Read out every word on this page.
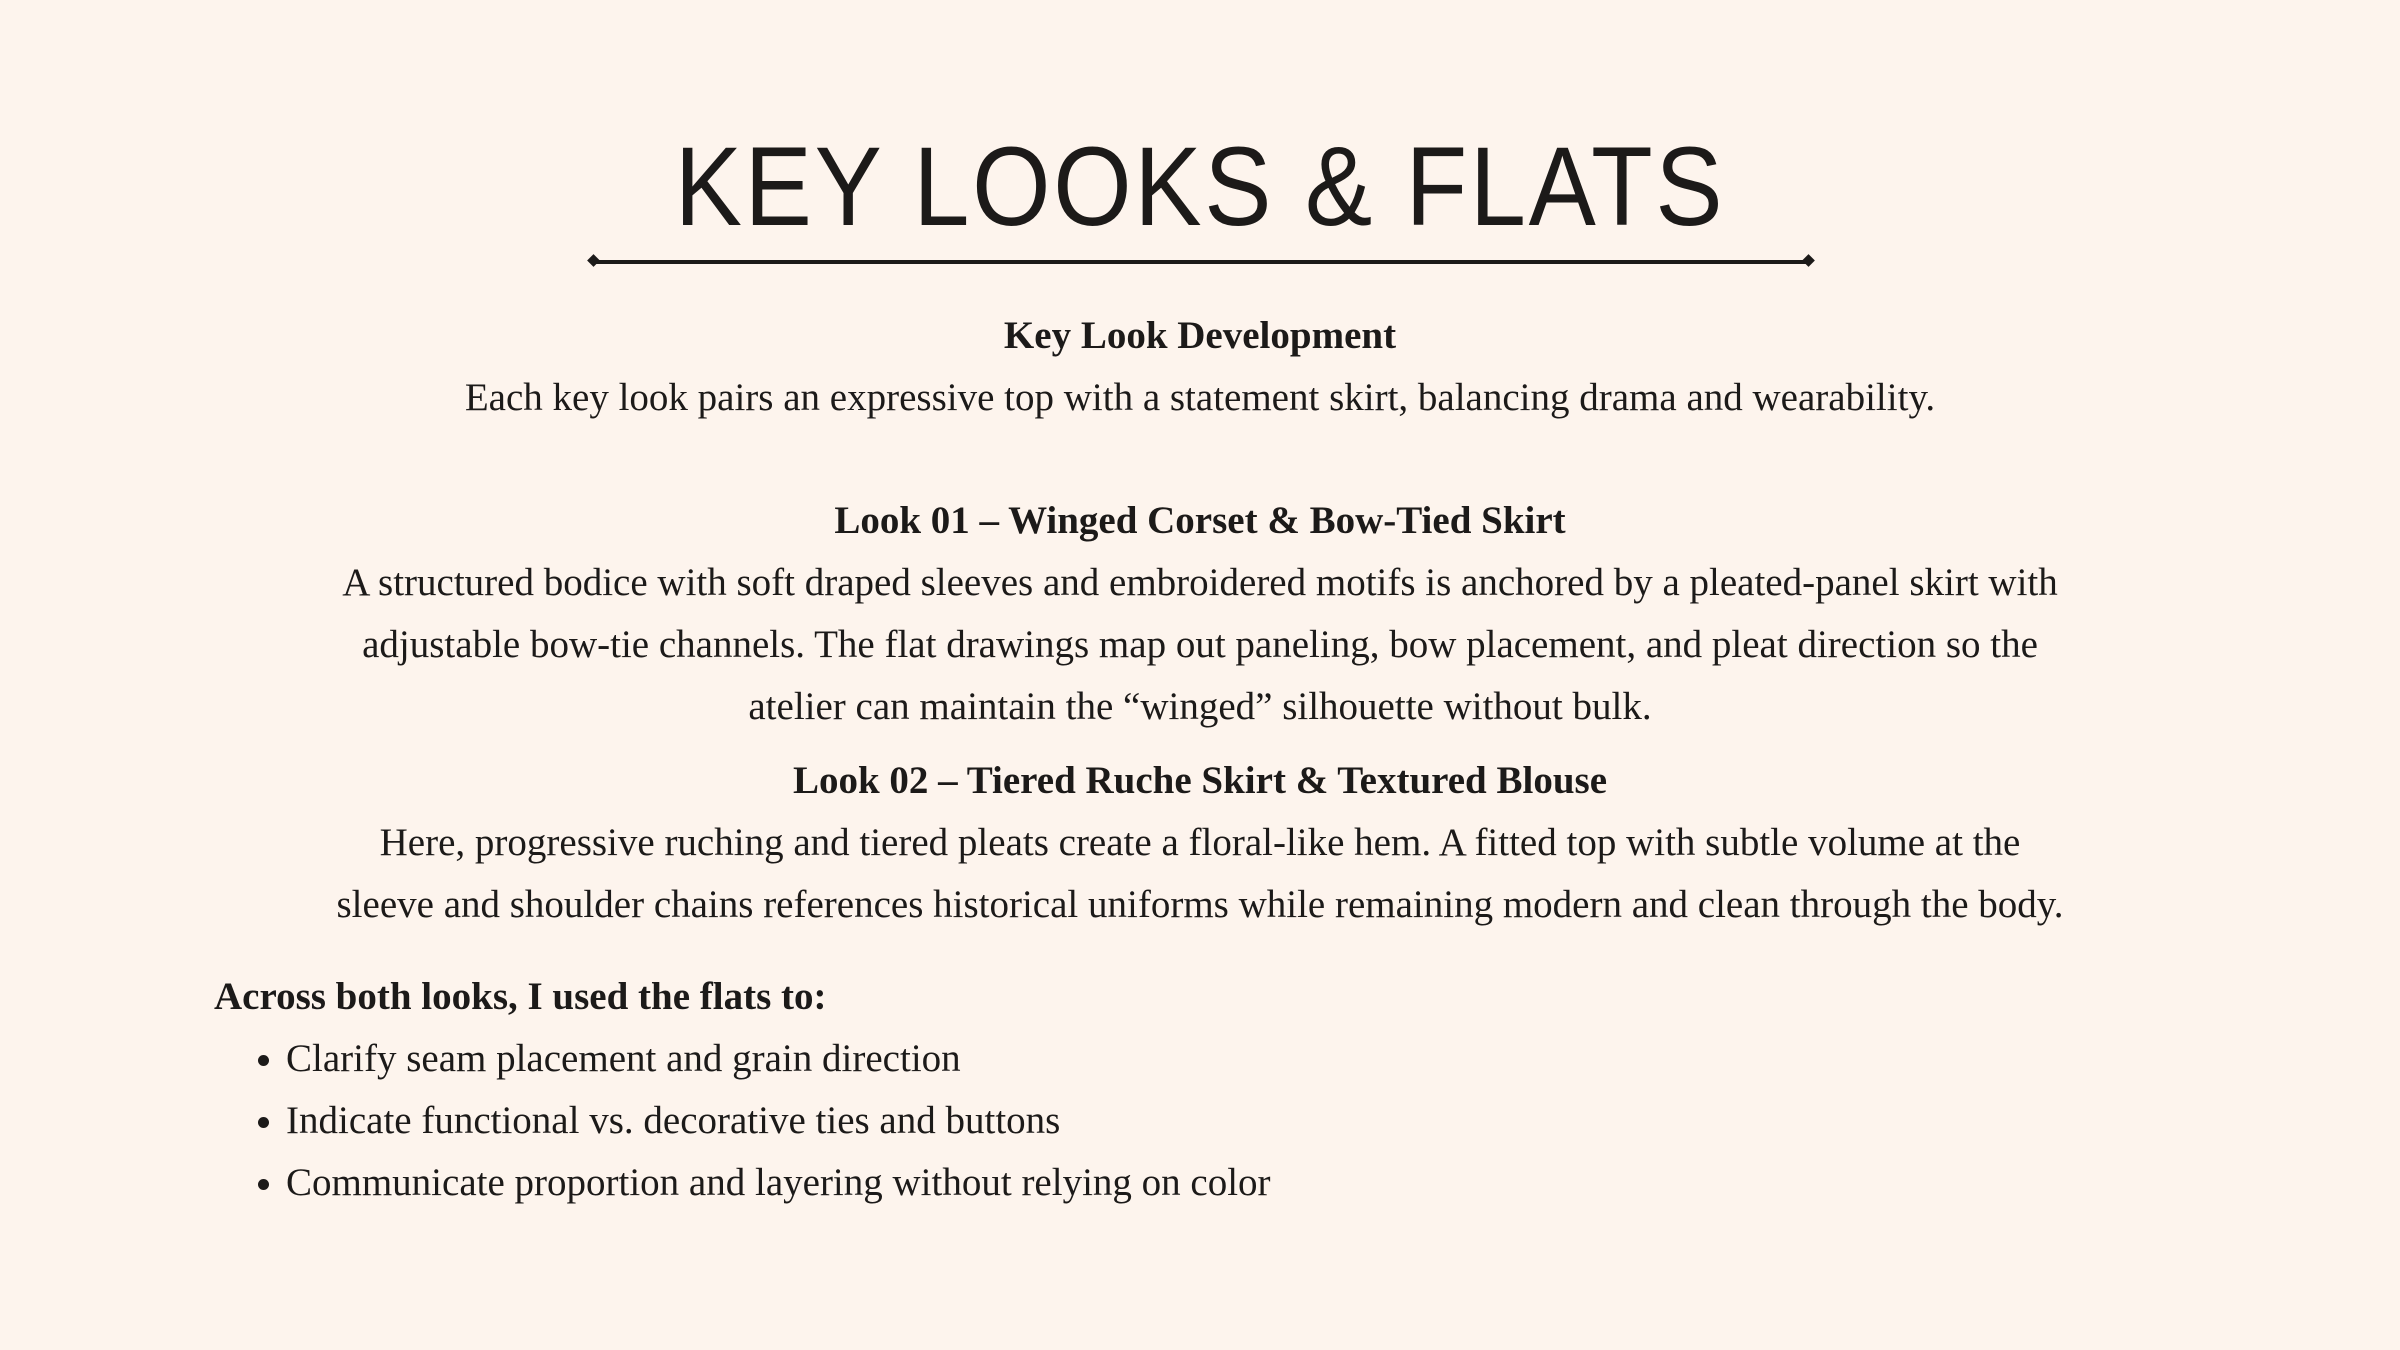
KEY LOOKS & FLATS

Key Look Development

Each key look pairs an expressive top with a statement skirt, balancing drama and wearability.

Look 01 – Winged Corset & Bow-Tied Skirt

A structured bodice with soft draped sleeves and embroidered motifs is anchored by a pleated-panel skirt with

adjustable bow-tie channels. The flat drawings map out paneling, bow placement, and pleat direction so the

atelier can maintain the “winged” silhouette without bulk.

Look 02 – Tiered Ruche Skirt & Textured Blouse

Here, progressive ruching and tiered pleats create a floral-like hem. A fitted top with subtle volume at the

sleeve and shoulder chains references historical uniforms while remaining modern and clean through the body.

Across both looks, I used the flats to:

Clarify seam placement and grain direction
Indicate functional vs. decorative ties and buttons
Communicate proportion and layering without relying on color
